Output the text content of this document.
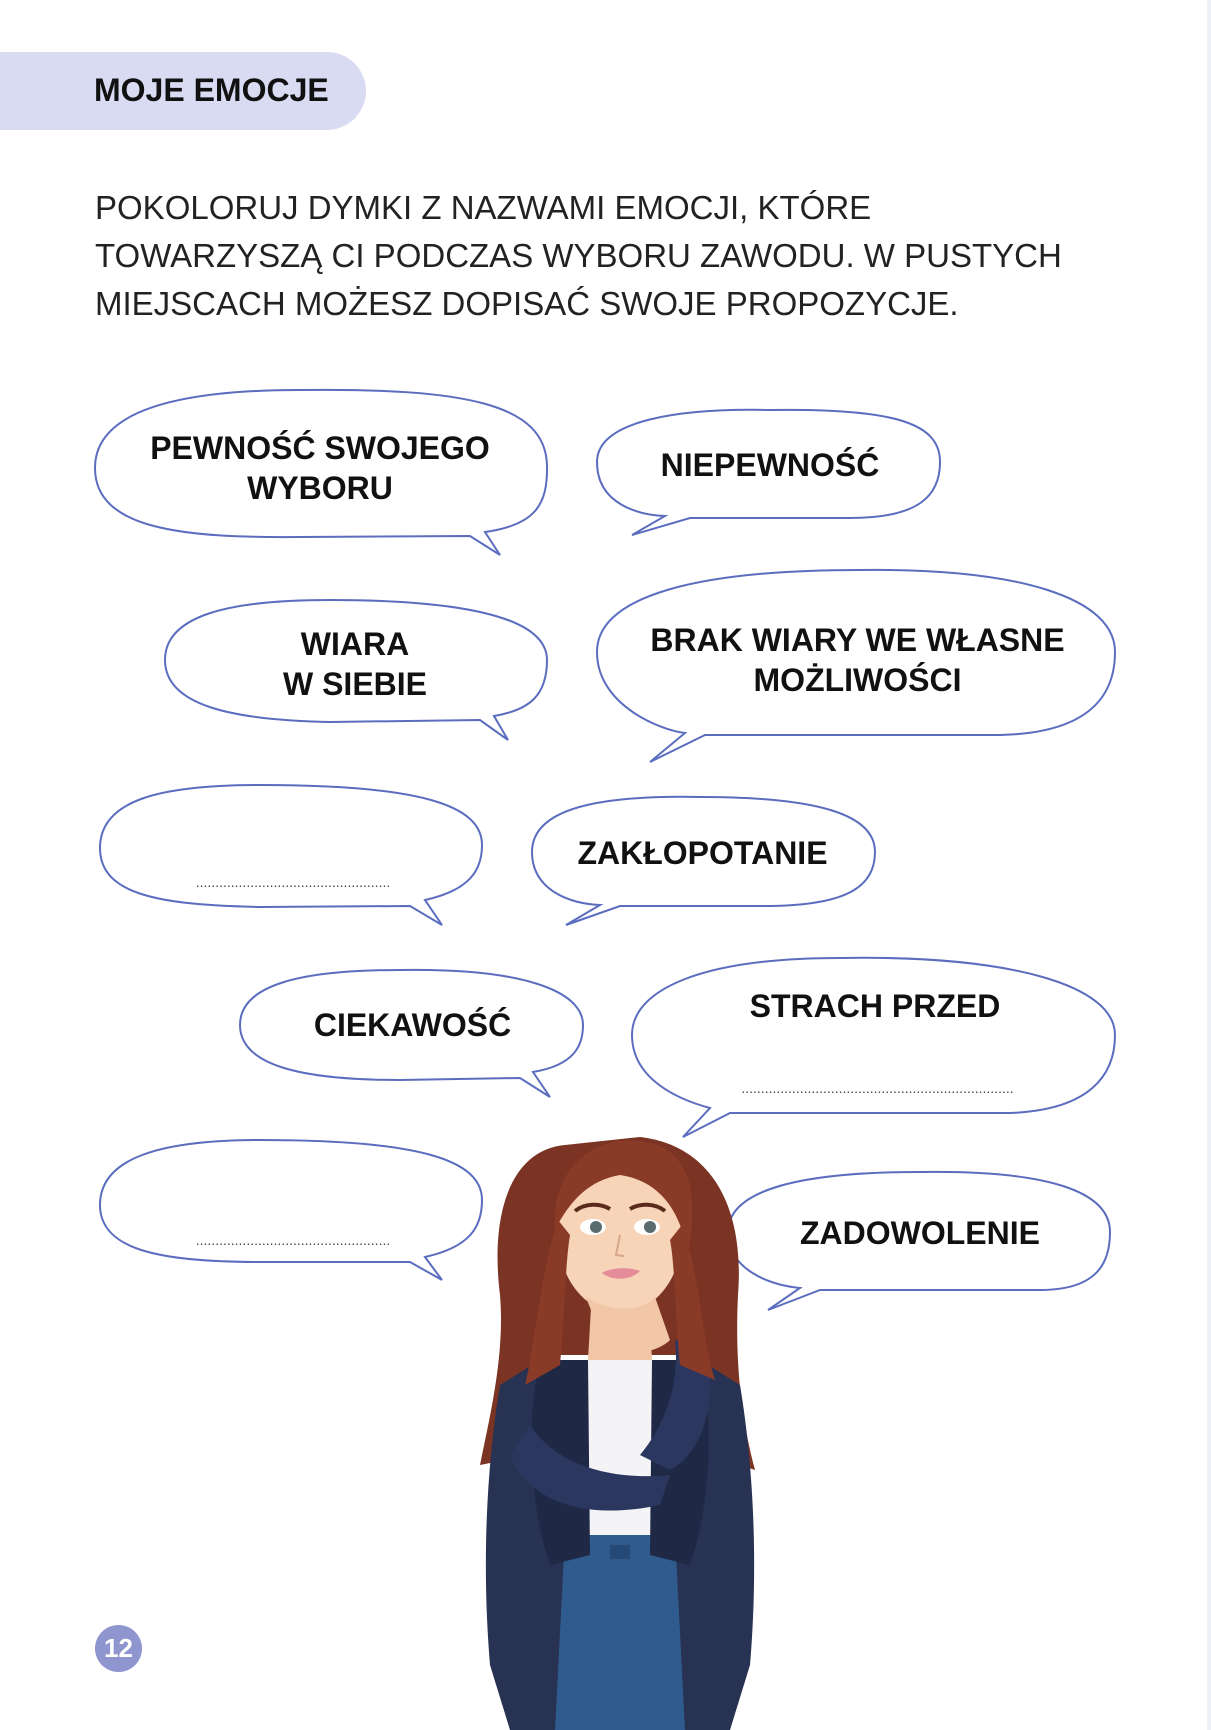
MOJE EMOCJE
POKOLORUJ DYMKI Z NAZWAMI EMOCJI, KTÓRE
TOWARZYSZĄ CI PODCZAS WYBORU ZAWODU. W PUSTYCH
MIEJSCACH MOŻESZ DOPISAĆ SWOJE PROPOZYCJE.
PEWNOŚĆ SWOJEGO
WYBORU
NIEPEWNOŚĆ
WIARA
W SIEBIE
BRAK WIARY WE WŁASNE
MOŻLIWOŚCI
..................................................
ZAKŁOPOTANIE
CIEKAWOŚĆ
STRACH PRZED
......................................................................
..................................................	ZADOWOLENIE
12
